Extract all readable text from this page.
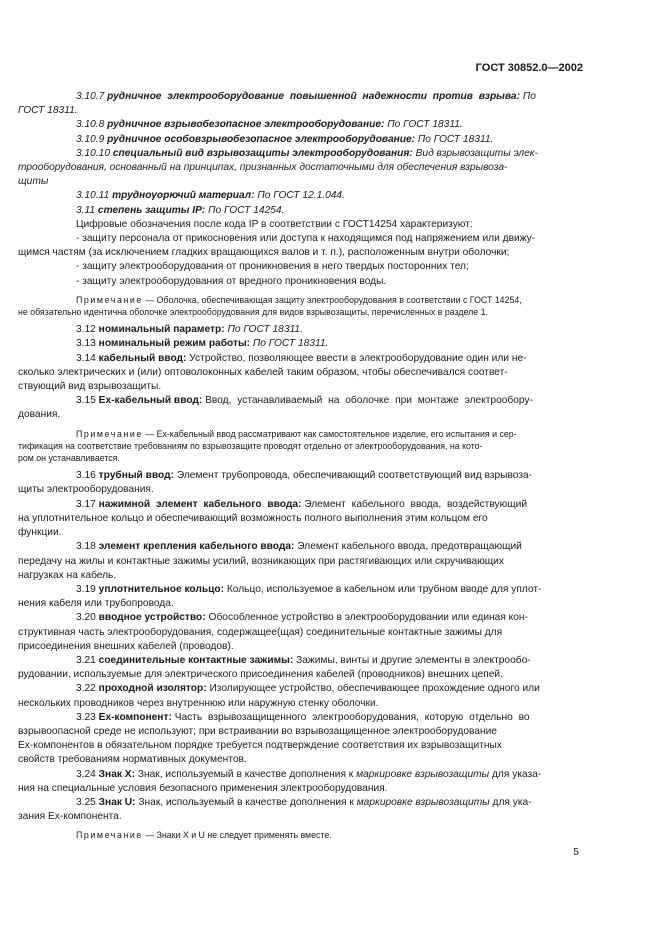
ГОСТ 30852.0—2002

3.10.7 рудничное электрооборудование повышенной надежности против взрыва: По
ГОСТ 18311.

3.10.8 рудничное взрывобезопасное электрооборудование: По ГОСТ 18311.

3.10.9 рудничное особовзрывобезопасное электрооборудование: По ГОСТ 18311.

3.10.10 специальный вид взрывозащиты электрооборудования: Вид взрывозащиты элек-
трооборудования, основанный на принципах, признанных достаточными для обеспечения взрывоза-
щиты

3.10.11 труднογорючий материал: По ГОСТ 12.1.044.

3.11 степень защиты IP: По ГОСТ 14254.

Цифровые обозначения после кода IP в соответствии с ГОСТ14254 характеризуют:

- защиту персонала от прикосновения или доступа к находящимся под напряжением или движу-
щимся частям (за исключением гладких вращающихся валов и т. п.), расположенным внутри оболочки;

- защиту электрооборудования от проникновения в него твердых посторонних тел;

- защиту электрооборудования от вредного проникновения воды.

Примечание — Оболочка, обеспечивающая защиту электрооборудования в соответствии с ГОСТ 14254,
не обязательно идентична оболочке электрооборудования для видов взрывозащиты, перечисленных в разделе 1.

3.12 номинальный параметр: По ГОСТ 18311.

3.13 номинальный режим работы: По ГОСТ 18311.

3.14 кабельный ввод: Устройство, позволяющее ввести в электрооборудование один или не-
сколько электрических и (или) оптоволоконных кабелей таким образом, чтобы обеспечивался соответ-
ствующий вид взрывозащиты.

3.15 Ex-кабельный ввод: Ввод, устанавливаемый на оболочке при монтаже электрообору-
дования.

Примечание — Ex-кабельный ввод рассматривают как самостоятельное изделие, его испытания и сер-
тификация на соответствие требованиям по взрывозащите проводят отдельно от электрооборудования, на кото-
ром он устанавливается.

3.16 трубный ввод: Элемент трубопровода, обеспечивающий соответствующий вид взрывоза-
щиты электрооборудования.

3.17 нажимной элемент кабельного ввода: Элемент кабельного ввода, воздействующий
на уплотнительное кольцо и обеспечивающий возможность полного выполнения этим кольцом его
функции.

3.18 элемент крепления кабельного ввода: Элемент кабельного ввода, предотвращающий
передачу на жилы и контактные зажимы усилий, возникающих при растягивающих или скручивающих
нагрузках на кабель.

3.19 уплотнительное кольцо: Кольцо, используемое в кабельном или трубном вводе для уплот-
нения кабеля или трубопровода.

3.20 вводное устройство: Обособленное устройство в электрооборудовании или единая кон-
структивная часть электрооборудования, содержащее(щая) соединительные контактные зажимы для
присоединения внешних кабелей (проводов).

3.21 соединительные контактные зажимы: Зажимы, винты и другие элементы в электрообо-
рудовании, используемые для электрического присоединения кабелей (проводников) внешних цепей.

3.22 проходной изолятор: Изолирующее устройство, обеспечивающее прохождение одного или
нескольких проводников через внутреннюю или наружную стенку оболочки.

3.23 Ex-компонент: Часть взрывозащищенного электрооборудования, которую отдельно во
взрывоопасной среде не используют; при встраивании во взрывозащищенное электрооборудование
Ex-компонентов в обязательном порядке требуется подтверждение соответствия их взрывозащитных
свойств требованиям нормативных документов.

3.24 Знак X: Знак, используемый в качестве дополнения к маркировке взрывозащиты для указа-
ния на специальные условия безопасного применения электрооборудования.

3.25 Знак U: Знак, используемый в качестве дополнения к маркировке взрывозащиты для ука-
зания Ex-компонента.

Примечание — Знаки X и U не следует применять вместе.

5
